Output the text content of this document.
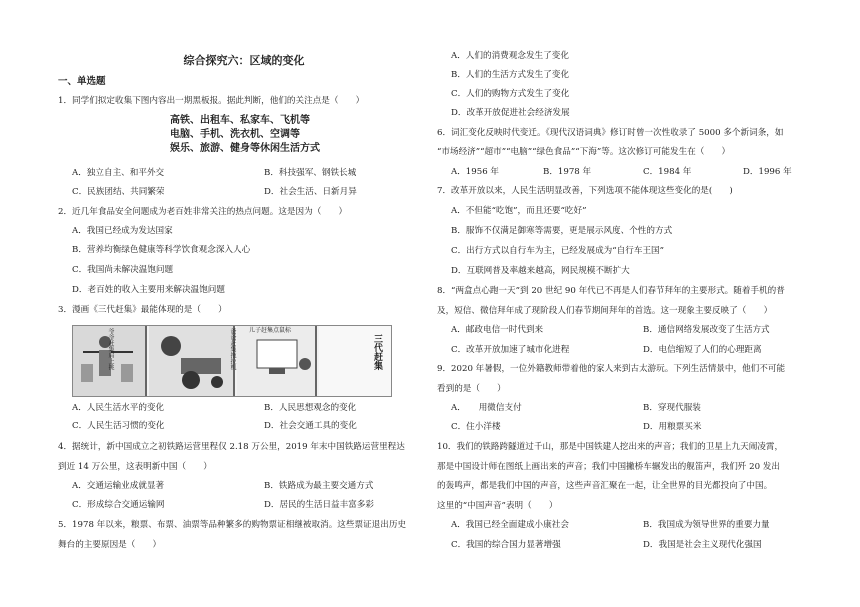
综合探究六：区域的变化
一、单选题
1．同学们拟定收集下图内容出一期黑板报。据此判断，他们的关注点是（　　）
高铁、出租车、私家车、飞机等
电脑、手机、洗衣机、空调等
娱乐、旅游、健身等休闲生活方式
A．独立自主、和平外交	B．科技强军、钢铁长城
C．民族团结、共同繁荣	D．社会生活、日新月异
2．近几年食品安全问题成为老百姓非常关注的热点问题。这是因为（　　）
A．我国已经成为发达国家
B．营养均衡绿色健康等科学饮食观念深入人心
C．我国尚未解决温饱问题
D．老百姓的收入主要用来解决温饱问题
3．漫画《三代赶集》最能体现的是（　　）
爷爷赶集肩上挑	爸爸赶集拖拉机 儿子赶集点鼠标
三代赶集
A．人民生活水平的变化	B．人民思想观念的变化
C．人民生活习惯的变化	D．社会交通工具的变化
4．据统计，新中国成立之初铁路运营里程仅 2.18 万公里，2019 年末中国铁路运营里程达
到近 14 万公里，这表明新中国（　　）
A．交通运输业成就显著	B．铁路成为最主要交通方式
C．形成综合交通运输网	D．居民的生活日益丰富多彩
5．1978 年以来，粮票、布票、油票等品种繁多的购物票证相继被取消。这些票证退出历史
舞台的主要原因是（　　）
A．人们的消费观念发生了变化
B．人们的生活方式发生了变化
C．人们的购物方式发生了变化
D．改革开放促进社会经济发展
6．词汇变化反映时代变迁。《现代汉语词典》修订时曾一次性收录了 5000 多个新词条，如
“市场经济”“超市”“电脑”“绿色食品”“下海”等。这次修订可能发生在（　　）
A．1956 年	B．1978 年	C．1984 年	D．1996 年
7．改革开放以来，人民生活明显改善，下列选项不能体现这些变化的是(　　)
A．不但能“吃饱”，而且还要“吃好”
B．服饰不仅满足御寒等需要，更是展示风度、个性的方式
C．出行方式以自行车为主，已经发展成为“自行车王国”
D．互联网普及率越来越高，网民规模不断扩大
8．“两盒点心跑一天”到 20 世纪 90 年代已不再是人们春节拜年的主要形式。随着手机的普
及，短信、微信拜年成了现阶段人们春节期间拜年的首选。这一现象主要反映了（　　）
A．邮政电信一时代到来	B．通信网络发展改变了生活方式
C．改革开放加速了城市化进程	D．电信缩短了人们的心理距离
9．2020 年暑假，一位外籍教师带着他的家人来到古太游玩。下列生活情景中，他们不可能
看到的是（　　）
A．　　用微信支付	B．穿现代服装
C．住小洋楼	D．用粮票买米
10．我们的铁路跨隧道过千山，那是中国铁建人挖出来的声音；我们的卫星上九天闹凌霄，
那是中国设计师在图纸上画出来的声音；我们中国撇桥车辗发出的舰笛声，我们歼 20 发出
的轰鸣声，都是我们中国的声音，这些声音汇聚在一起，让全世界的目光都投向了中国。
这里的“中国声音”表明（　　）
A．我国已经全面建成小康社会	B．我国成为领导世界的重要力量
C．我国的综合国力显著增强	D．我国是社会主义现代化强国
